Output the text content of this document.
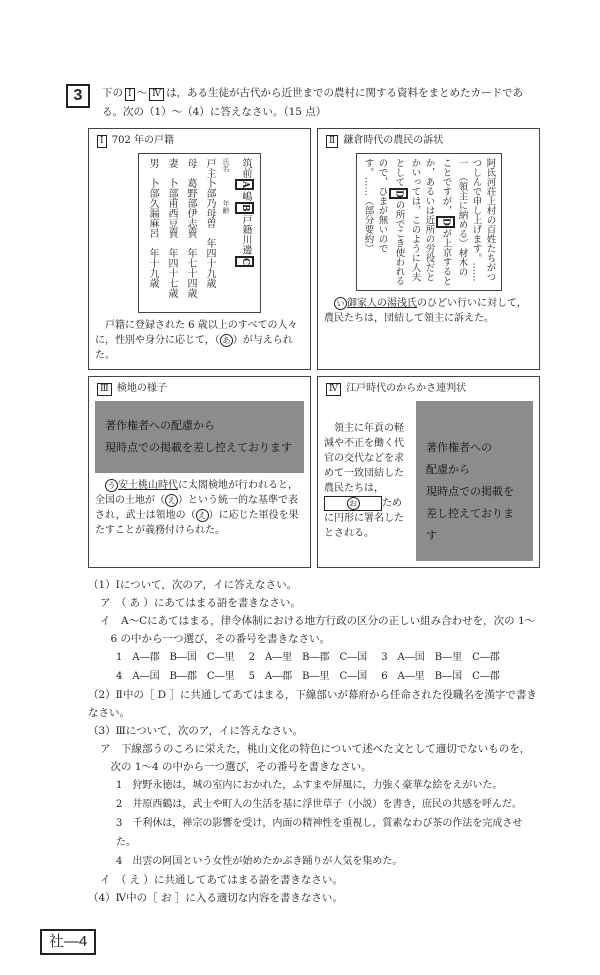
3	下の Ⅰ ～ Ⅳ は，ある生徒が古代から近世までの農村に関する資料をまとめたカードである。次の（1）～（4）に答えなさい。（15 点）
Ⅰ 702 年の戸籍
筑前A嶋B戸籍川邊C
氏名　　　　年齢
戸主卜部乃母曽　年四十九歳
母　葛野部伊志賣　年七十四歳
妻　卜部甫西豆賣　年四十七歳
男　卜部久漏麻呂　年十九歳
戸籍に登録された 6 歳以上のすべての人々に，性別や身分に応じて，（ あ ）が与えられた。
Ⅱ 鎌倉時代の農民の訴状
阿氐河荘上村の百姓たちがつつしんで申し上げます。……
一　（領主に納める）材木のことですが，Dが上京するとか，あるいは近所の労役だとかいっては，このように人夫としてDの所でこき使われるので，ひまが無いのです。……（部分要約）
い 御家人の湯浅氏のひどい行いに対して，農民たちは，団結して領主に訴えた。
Ⅲ 検地の様子
著作権者への配慮から
現時点での掲載を差し控えております
う 安土桃山時代に太閤検地が行われると，全国の土地が（ え ）という統一的な基準で表され，武士は領地の（ え ）に応じた軍役を果たすことが義務付けられた。
Ⅳ 江戸時代のからかさ連判状
領主に年貢の軽減や不正を働く代官の交代などを求めて一致団結した農民たちは，お	ために円形に署名したとされる。
著作権者への
配慮から
現時点での掲載を
差し控えております
（1）Ⅰについて，次のア，イに答えなさい。
ア　（ あ ）にあてはまる語を書きなさい。
イ　A～Cにあてはまる，律令体制における地方行政の区分の正しい組み合わせを，次の 1～6 の中から一つ選び，その番号を書きなさい。
1　A―郡　B―国　C―里 2　A―里　B―郡　C―国 3　A―国　B―里　C―郡
4　A―国　B―郡　C―里 5　A―郡　B―里　C―国 6　A―里　B―国　C―郡
（2）Ⅱ中の［ D ］に共通してあてはまる，下線部いが幕府から任命された役職名を漢字で書きなさい。
（3）Ⅲについて，次のア，イに答えなさい。
ア　下線部うのころに栄えた，桃山文化の特色について述べた文として適切でないものを，次の 1～4 の中から一つ選び，その番号を書きなさい。
1　狩野永徳は，城の室内におかれた，ふすまや屏風に，力強く豪華な絵をえがいた。
2　井原西鶴は，武士や町人の生活を基に浮世草子（小説）を書き，庶民の共感を呼んだ。
3　千利休は，禅宗の影響を受け，内面の精神性を重視し，質素なわび茶の作法を完成させた。
4　出雲の阿国という女性が始めたかぶき踊りが人気を集めた。
イ　（ え ）に共通してあてはまる語を書きなさい。
（4）Ⅳ中の［ お ］に入る適切な内容を書きなさい。
社―4
